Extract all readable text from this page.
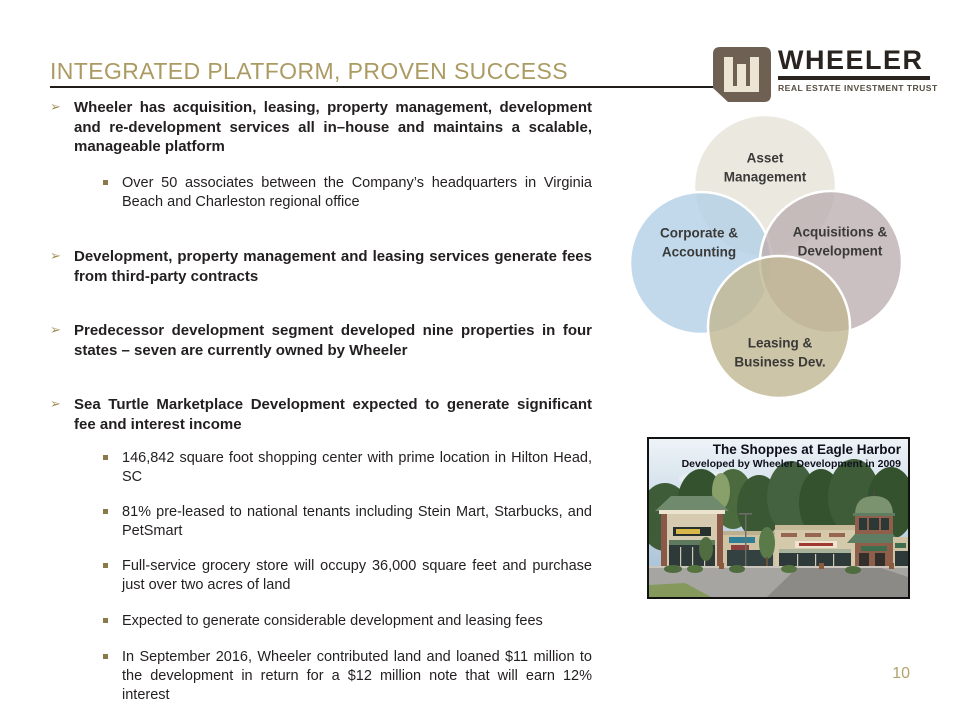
INTEGRATED PLATFORM, PROVEN SUCCESS	WHEELER
REAL ESTATE INVESTMENT TRUST
➢ Wheeler has acquisition, leasing, property management, development and re-development services all in–house and maintains a scalable, manageable platform

Over 50 associates between the Company’s headquarters in Virginia Beach and Charleston regional office

➢ Development, property management and leasing services generate fees from third-party contracts

➢ Predecessor development segment developed nine properties in four states – seven are currently owned by Wheeler

➢ Sea Turtle Marketplace Development expected to generate significant fee and interest income

146,842 square foot shopping center with prime location in Hilton Head, SC

81% pre-leased to national tenants including Stein Mart, Starbucks, and PetSmart

Full-service grocery store will occupy 36,000 square feet and purchase just over two acres of land

Expected to generate considerable development and leasing fees

In September 2016, Wheeler contributed land and loaned $11 million to the development in return for a $12 million note that will earn 12% interest

Asset Management
Corporate & Accounting
Acquisitions & Development
Leasing & Business Dev.
The Shoppes at Eagle Harbor
Developed by Wheeler Development in 2009
10
